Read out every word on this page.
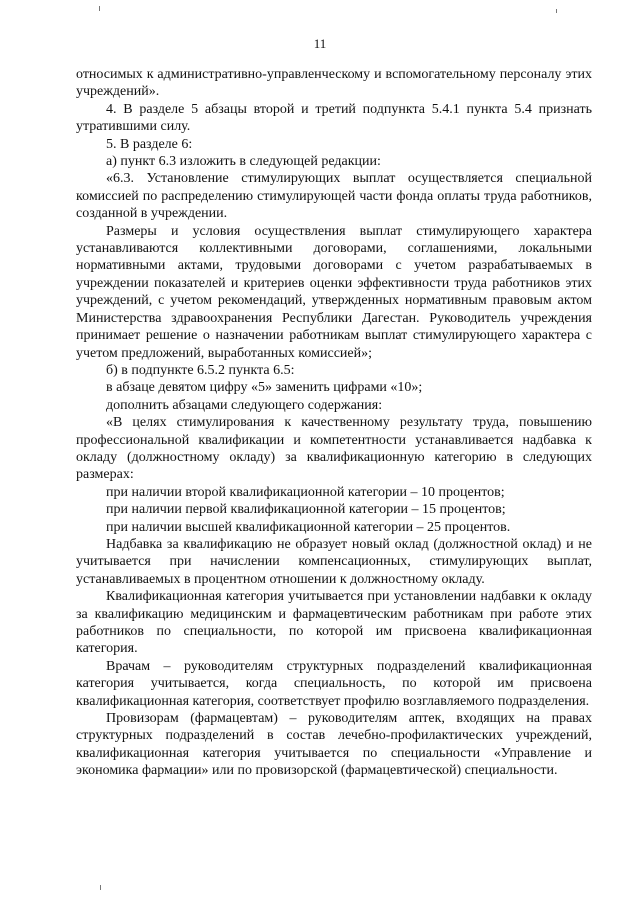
11

относимых к административно-управленческому и вспомогательному персоналу этих учреждений».

4. В разделе 5 абзацы второй и третий подпункта 5.4.1 пункта 5.4 признать утратившими силу.

5. В разделе 6:

а) пункт 6.3 изложить в следующей редакции:

«6.3. Установление стимулирующих выплат осуществляется специальной комиссией по распределению стимулирующей части фонда оплаты труда работников, созданной в учреждении.

Размеры и условия осуществления выплат стимулирующего характера устанавливаются коллективными договорами, соглашениями, локальными нормативными актами, трудовыми договорами с учетом разрабатываемых в учреждении показателей и критериев оценки эффективности труда работников этих учреждений, с учетом рекомендаций, утвержденных нормативным правовым актом Министерства здравоохранения Республики Дагестан. Руководитель учреждения принимает решение о назначении работникам выплат стимулирующего характера с учетом предложений, выработанных комиссией»;

б) в подпункте 6.5.2 пункта 6.5:

в абзаце девятом цифру «5» заменить цифрами «10»;

дополнить абзацами следующего содержания:

«В целях стимулирования к качественному результату труда, повышению профессиональной квалификации и компетентности устанавливается надбавка к окладу (должностному окладу) за квалификационную категорию в следующих размерах:

при наличии второй квалификационной категории – 10 процентов;

при наличии первой квалификационной категории – 15 процентов;

при наличии высшей квалификационной категории – 25 процентов.

Надбавка за квалификацию не образует новый оклад (должностной оклад) и не учитывается при начислении компенсационных, стимулирующих выплат, устанавливаемых в процентном отношении к должностному окладу.

Квалификационная категория учитывается при установлении надбавки к окладу за квалификацию медицинским и фармацевтическим работникам при работе этих работников по специальности, по которой им присвоена квалификационная категория.

Врачам – руководителям структурных подразделений квалификационная категория учитывается, когда специальность, по которой им присвоена квалификационная категория, соответствует профилю возглавляемого подразделения.

Провизорам (фармацевтам) – руководителям аптек, входящих на правах структурных подразделений в состав лечебно-профилактических учреждений, квалификационная категория учитывается по специальности «Управление и экономика фармации» или по провизорской (фармацевтической) специальности.
